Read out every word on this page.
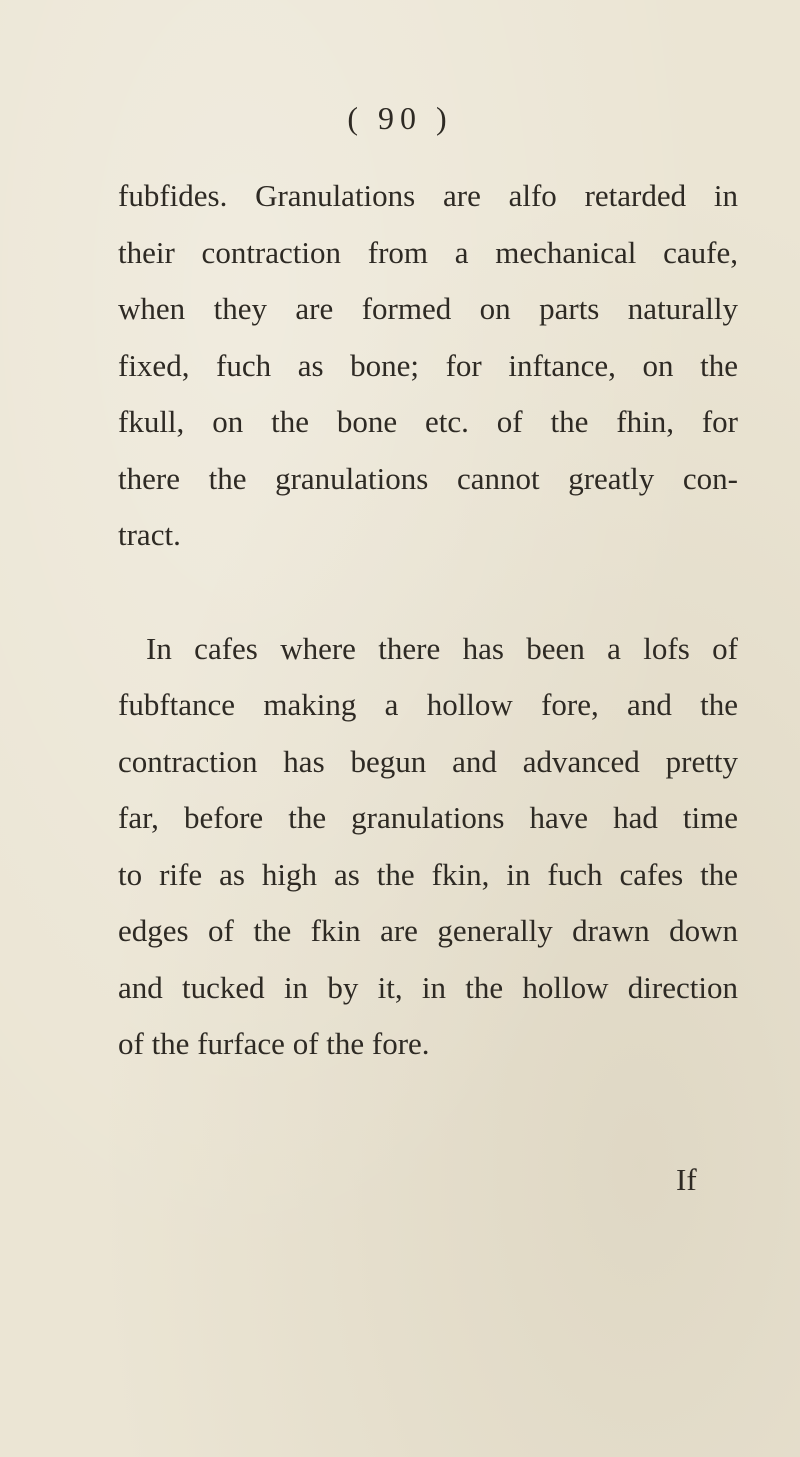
( 90 )
fubfides. Granulations are alfo retarded in
their contraction from a mechanical caufe,
when they are formed on parts naturally
fixed, fuch as bone; for inftance, on the
fkull, on the bone etc. of the fhin, for
there the granulations cannot greatly con-
tract.
In cafes where there has been a lofs of
fubftance making a hollow fore, and the
contraction has begun and advanced pretty
far, before the granulations have had time
to rife as high as the fkin, in fuch cafes the
edges of the fkin are generally drawn down
and tucked in by it, in the hollow direction
of the furface of the fore.
If
